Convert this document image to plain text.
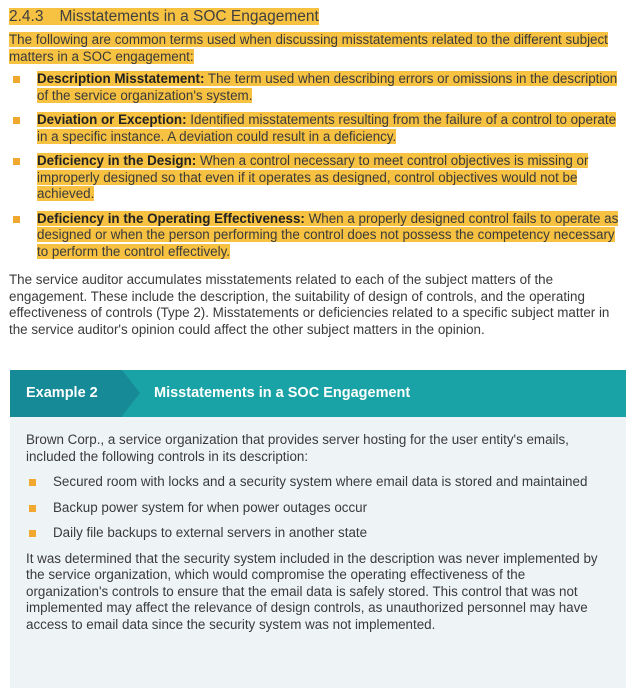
2.4.3 Misstatements in a SOC Engagement
The following are common terms used when discussing misstatements related to the different subject matters in a SOC engagement:
Description Misstatement: The term used when describing errors or omissions in the description of the service organization's system.
Deviation or Exception: Identified misstatements resulting from the failure of a control to operate in a specific instance. A deviation could result in a deficiency.
Deficiency in the Design: When a control necessary to meet control objectives is missing or improperly designed so that even if it operates as designed, control objectives would not be achieved.
Deficiency in the Operating Effectiveness: When a properly designed control fails to operate as designed or when the person performing the control does not possess the competency necessary to perform the control effectively.
The service auditor accumulates misstatements related to each of the subject matters of the engagement. These include the description, the suitability of design of controls, and the operating effectiveness of controls (Type 2). Misstatements or deficiencies related to a specific subject matter in the service auditor's opinion could affect the other subject matters in the opinion.
Example 2	Misstatements in a SOC Engagement
Brown Corp., a service organization that provides server hosting for the user entity's emails, included the following controls in its description:
Secured room with locks and a security system where email data is stored and maintained
Backup power system for when power outages occur
Daily file backups to external servers in another state
It was determined that the security system included in the description was never implemented by the service organization, which would compromise the operating effectiveness of the organization's controls to ensure that the email data is safely stored. This control that was not implemented may affect the relevance of design controls, as unauthorized personnel may have access to email data since the security system was not implemented.
